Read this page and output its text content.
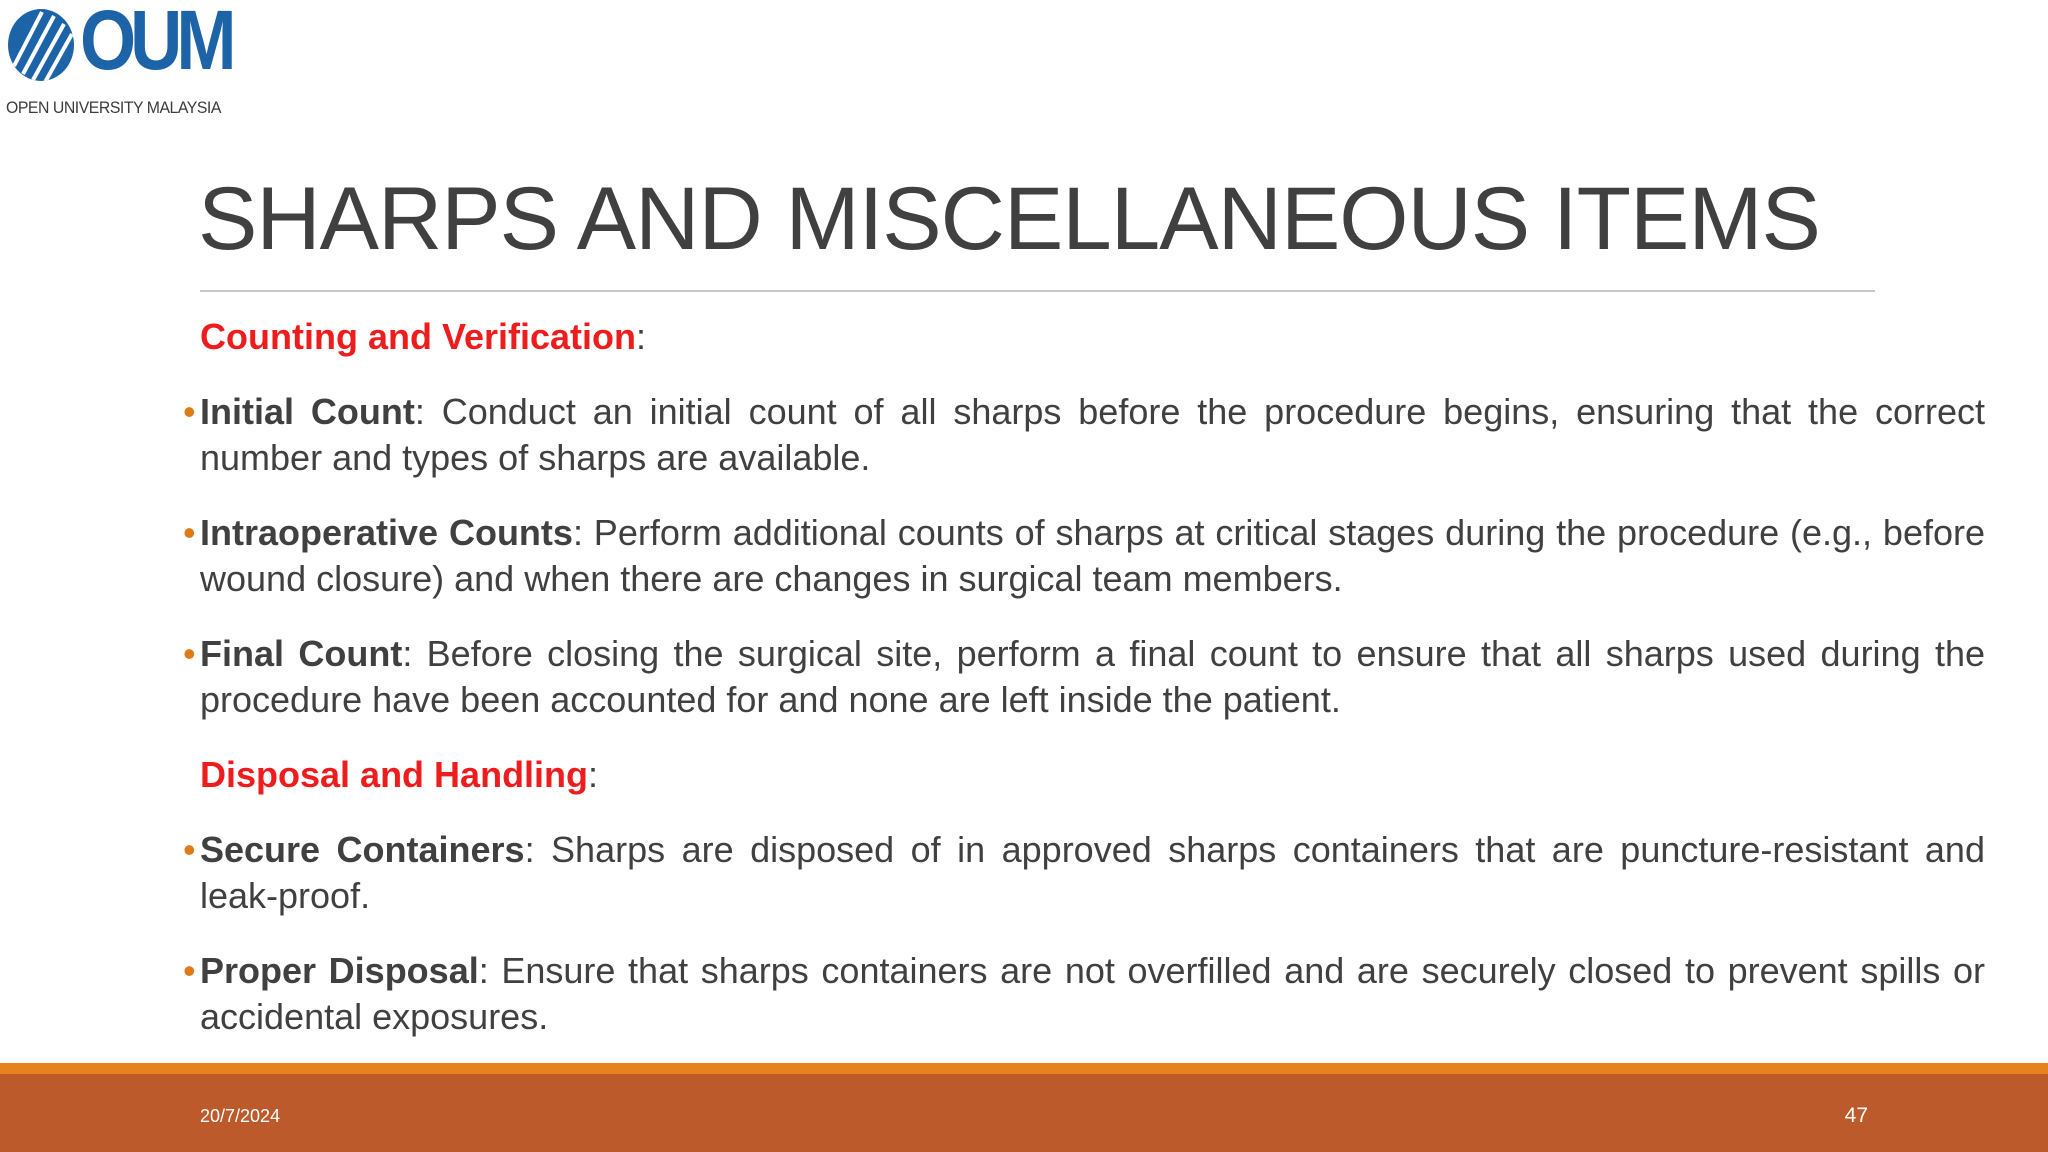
OUM
OPEN UNIVERSITY MALAYSIA
SHARPS AND MISCELLANEOUS ITEMS

Counting and Verification:

• Initial Count: Conduct an initial count of all sharps before the procedure begins, ensuring that the correct number and types of sharps are available.
• Intraoperative Counts: Perform additional counts of sharps at critical stages during the procedure (e.g., before wound closure) and when there are changes in surgical team members.
• Final Count: Before closing the surgical site, perform a final count to ensure that all sharps used during the procedure have been accounted for and none are left inside the patient.

Disposal and Handling:

• Secure Containers: Sharps are disposed of in approved sharps containers that are puncture-resistant and leak-proof.
• Proper Disposal: Ensure that sharps containers are not overfilled and are securely closed to prevent spills or accidental exposures.
20/7/2024	47
